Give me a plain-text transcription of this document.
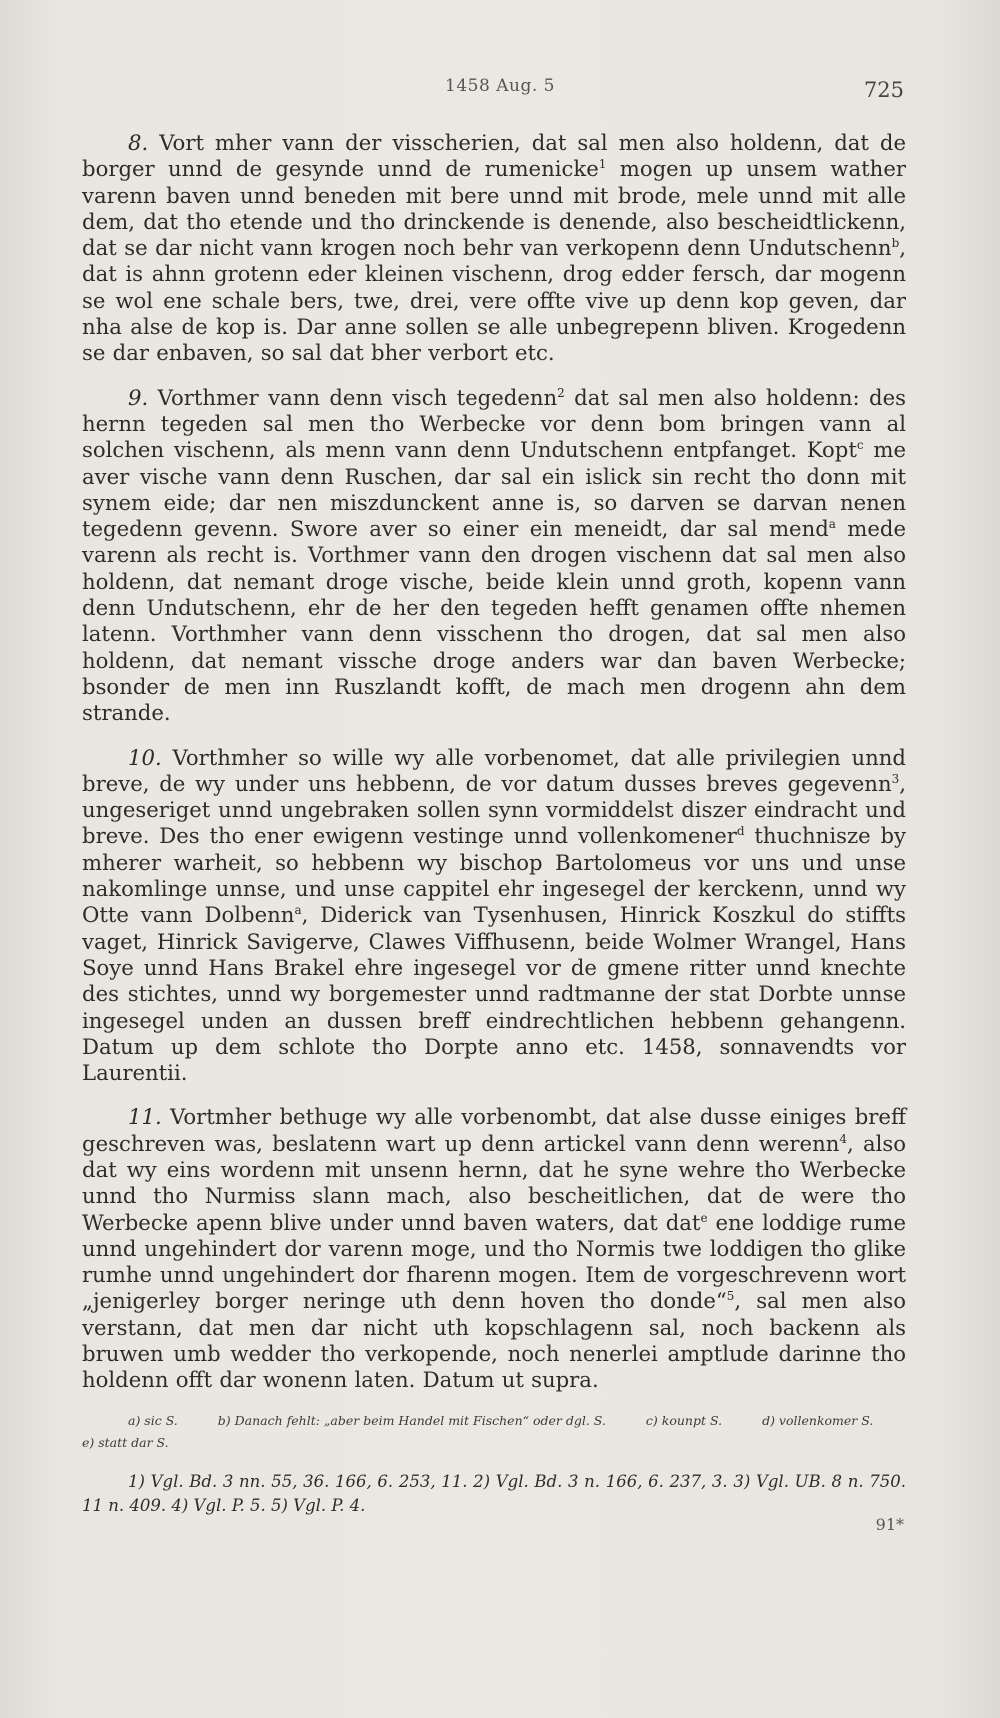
1458 Aug. 5	725

8. Vort mher vann der visscherien, dat sal men also holdenn, dat de borger unnd de gesynde unnd de rumenicke$^1$ mogen up unsem wather varenn baven unnd beneden mit bere unnd mit brode, mele unnd mit alle dem, dat tho etende und tho drinckende is denende, also bescheidtlickenn, dat se dar nicht vann krogen noch behr van verkopenn denn Undutschenn$^b$, dat is ahnn grotenn eder kleinen vischenn, drog edder fersch, dar mogenn se wol ene schale bers, twe, drei, vere offte vive up denn kop geven, dar nha alse de kop is. Dar anne sollen se alle unbegrepenn bliven. Krogedenn se dar enbaven, so sal dat bher verbort etc.

9. Vorthmer vann denn visch tegedenn$^2$ dat sal men also holdenn: des hernn tegeden sal men tho Werbecke vor denn bom bringen vann al solchen vischenn, als menn vann denn Undutschenn entpfanget. Kopt$^c$ me aver vische vann denn Ruschen, dar sal ein islick sin recht tho donn mit synem eide; dar nen miszdunckent anne is, so darven se darvan nenen tegedenn gevenn. Swore aver so einer ein meneidt, dar sal mend$^a$ mede varenn als recht is. Vorthmer vann den drogen vischenn dat sal men also holdenn, dat nemant droge vische, beide klein unnd groth, kopenn vann denn Undutschenn, ehr de her den tegeden hefft genamen offte nhemen latenn. Vorthmher vann denn visschenn tho drogen, dat sal men also holdenn, dat nemant vissche droge anders war dan baven Werbecke; bsonder de men inn Ruszlandt kofft, de mach men drogenn ahn dem strande.

10. Vorthmher so wille wy alle vorbenomet, dat alle privilegien unnd breve, de wy under uns hebbenn, de vor datum dusses breves gegevenn$^3$, ungeseriget unnd ungebraken sollen synn vormiddelst diszer eindracht und breve. Des tho ener ewigenn vestinge unnd vollenkomener$^d$ thuchnisze by mherer warheit, so hebbenn wy bischop Bartolomeus vor uns und unse nakomlinge unnse, und unse cappitel ehr ingesegel der kerckenn, unnd wy Otte vann Dolbenn$^a$, Diderick van Tysenhusen, Hinrick Koszkul do stiffts vaget, Hinrick Savigerve, Clawes Viffhusenn, beide Wolmer Wrangel, Hans Soye unnd Hans Brakel ehre ingesegel vor de gmene ritter unnd knechte des stichtes, unnd wy borgemester unnd radtmanne der stat Dorbte unnse ingesegel unden an dussen breff eindrechtlichen hebbenn gehangenn. Datum up dem schlote tho Dorpte anno etc. 1458, sonnavendts vor Laurentii.

11. Vortmher bethuge wy alle vorbenombt, dat alse dusse einiges breff geschreven was, beslatenn wart up denn artickel vann denn werenn$^4$, also dat wy eins wordenn mit unsenn hernn, dat he syne wehre tho Werbecke unnd tho Nurmiss slann mach, also bescheitlichen, dat de were tho Werbecke apenn blive under unnd baven waters, dat dat$^e$ ene loddige rume unnd ungehindert dor varenn moge, und tho Normis twe loddigen tho glike rumhe unnd ungehindert dor fharenn mogen. Item de vorgeschrevenn wort „jenigerley borger neringe uth denn hoven tho donde“$^5$, sal men also verstann, dat men dar nicht uth kopschlagenn sal, noch backenn als bruwen umb wedder tho verkopende, noch nenerlei amptlude darinne tho holdenn offt dar wonenn laten. Datum ut supra.

a) sic S.	b) Danach fehlt: „aber beim Handel mit Fischen“ oder dgl. S.	c) kounpt S.	d) vollenkomer S.
e) statt dar S.
1) Vgl. Bd. 3 nn. 55, 36. 166, 6. 253, 11. 2) Vgl. Bd. 3 n. 166, 6. 237, 3. 3) Vgl. UB. 8 n. 750. 11 n. 409. 4) Vgl. P. 5. 5) Vgl. P. 4.
91*
